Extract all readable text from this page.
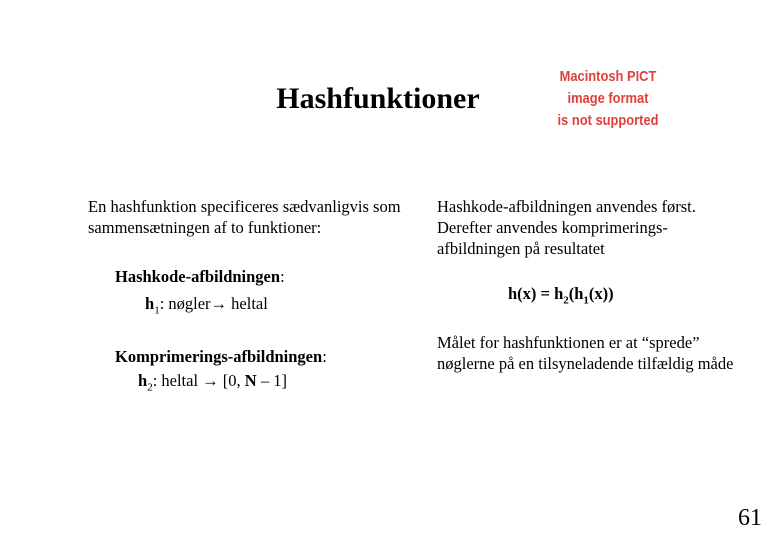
Hashfunktioner
Macintosh PICT
image format
is not supported
En hashfunktion specificeres sædvanligvis som sammensætningen af to funktioner:
Hashkode-afbildningen:
$h_1$: nøgler→ heltal
Komprimerings-afbildningen:
$h_2$: heltal → [0, N – 1]
Hashkode-afbildningen anvendes først. Derefter anvendes komprimerings-afbildningen på resultatet
$h(x) = h_2(h_1(x))$
Målet for hashfunktionen er at “sprede” nøglerne på en tilsyneladende tilfældig måde
61
